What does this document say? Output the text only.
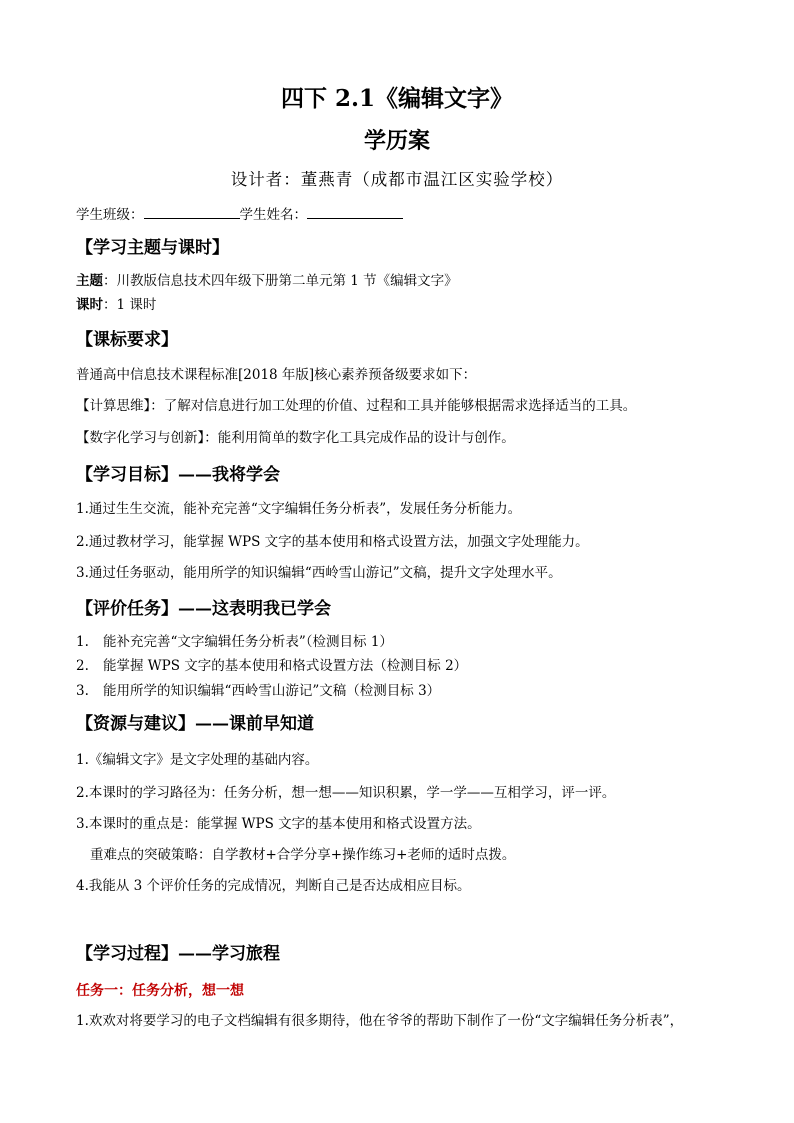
四下 2.1《编辑文字》
学历案
设计者：董燕青（成都市温江区实验学校）
学生班级：	学生姓名：
【学习主题与课时】
主题：川教版信息技术四年级下册第二单元第 1 节《编辑文字》
课时：1 课时
【课标要求】
普通高中信息技术课程标准[2018 年版]核心素养预备级要求如下：
【计算思维】：了解对信息进行加工处理的价值、过程和工具并能够根据需求选择适当的工具。
【数字化学习与创新】：能利用简单的数字化工具完成作品的设计与创作。
【学习目标】——我将学会
1.通过生生交流，能补充完善“文字编辑任务分析表”，发展任务分析能力。
2.通过教材学习，能掌握 WPS 文字的基本使用和格式设置方法，加强文字处理能力。
3.通过任务驱动，能用所学的知识编辑“西岭雪山游记”文稿，提升文字处理水平。
【评价任务】——这表明我已学会
1. 能补充完善“文字编辑任务分析表”（检测目标 1）
2. 能掌握 WPS 文字的基本使用和格式设置方法（检测目标 2）
3. 能用所学的知识编辑“西岭雪山游记”文稿（检测目标 3）
【资源与建议】——课前早知道
1.《编辑文字》是文字处理的基础内容。
2.本课时的学习路径为：任务分析，想一想——知识积累，学一学——互相学习，评一评。
3.本课时的重点是：能掌握 WPS 文字的基本使用和格式设置方法。
重难点的突破策略：自学教材+合学分享+操作练习+老师的适时点拨。
4.我能从 3 个评价任务的完成情况，判断自己是否达成相应目标。
【学习过程】——学习旅程
任务一：任务分析，想一想
1.欢欢对将要学习的电子文档编辑有很多期待，他在爷爷的帮助下制作了一份“文字编辑任务分析表”，
